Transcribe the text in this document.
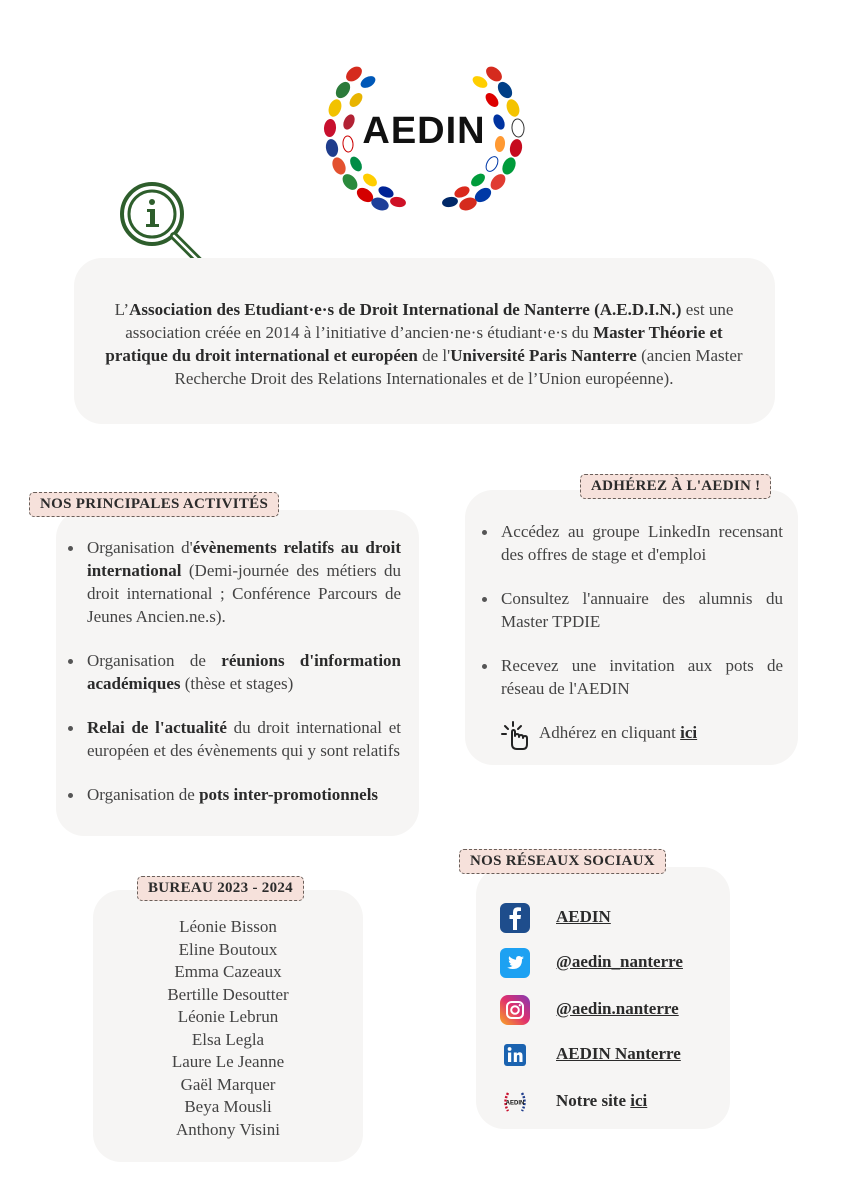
AEDIN
L’Association des Etudiant·e·s de Droit International de Nanterre (A.E.D.I.N.) est une association créée en 2014 à l’initiative d’ancien·ne·s étudiant·e·s du Master Théorie et pratique du droit international et européen de l'Université Paris Nanterre (ancien Master Recherche Droit des Relations Internationales et de l’Union européenne).
NOS PRINCIPALES ACTIVITÉS
Organisation d'évènements relatifs au droit international (Demi-journée des métiers du droit international ; Conférence Parcours de Jeunes Ancien.ne.s).
Organisation de réunions d'information académiques (thèse et stages)
Relai de l'actualité du droit international et européen et des évènements qui y sont relatifs
Organisation de pots inter-promotionnels
ADHÉREZ À L'AEDIN !
Accédez au groupe LinkedIn recensant des offres de stage et d'emploi
Consultez l'annuaire des alumnis du Master TPDIE
Recevez une invitation aux pots de réseau de l'AEDIN
Adhérez en cliquant ici
BUREAU 2023 - 2024
Léonie Bisson
Eline Boutoux
Emma Cazeaux
Bertille Desoutter
Léonie Lebrun
Elsa Legla
Laure Le Jeanne
Gaël Marquer
Beya Mousli
Anthony Visini
NOS RÉSEAUX SOCIAUX
AEDIN
@aedin_nanterre
@aedin.nanterre
AEDIN Nanterre
AEDIN Notre site ici
